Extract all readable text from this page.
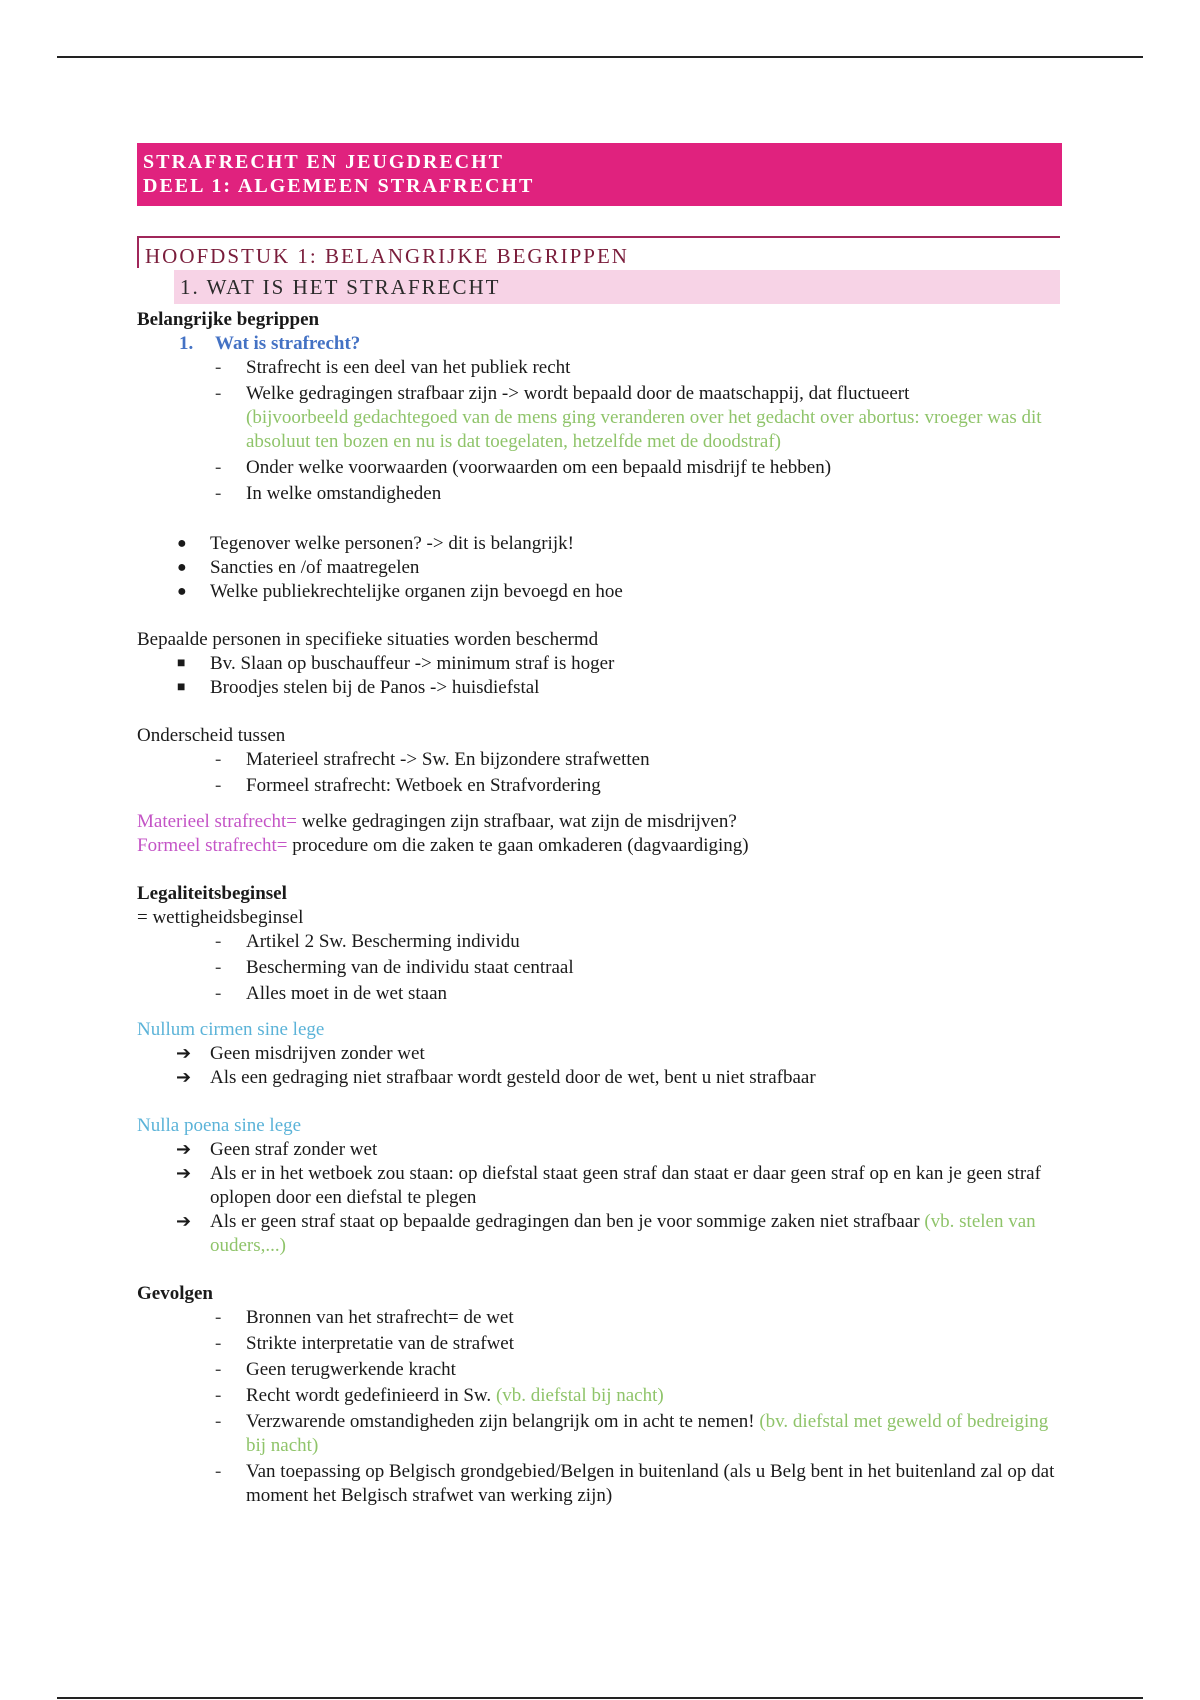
STRAFRECHT EN JEUGDRECHT
DEEL 1: ALGEMEEN STRAFRECHT
HOOFDSTUK 1: BELANGRIJKE BEGRIPPEN
1. WAT IS HET STRAFRECHT
Belangrijke begrippen
1. Wat is strafrecht?
- Strafrecht is een deel van het publiek recht
- Welke gedragingen strafbaar zijn -> wordt bepaald door de maatschappij, dat fluctueert
(bijvoorbeeld gedachtegoed van de mens ging veranderen over het gedacht over abortus: vroeger was dit absoluut ten bozen en nu is dat toegelaten, hetzelfde met de doodstraf)
- Onder welke voorwaarden (voorwaarden om een bepaald misdrijf te hebben)
- In welke omstandigheden
● Tegenover welke personen? -> dit is belangrijk!
● Sancties en /of maatregelen
● Welke publiekrechtelijke organen zijn bevoegd en hoe
Bepaalde personen in specifieke situaties worden beschermd
■ Bv. Slaan op buschauffeur -> minimum straf is hoger
■ Broodjes stelen bij de Panos -> huisdiefstal
Onderscheid tussen
- Materieel strafrecht -> Sw. En bijzondere strafwetten
- Formeel strafrecht: Wetboek en Strafvordering
Materieel strafrecht= welke gedragingen zijn strafbaar, wat zijn de misdrijven?
Formeel strafrecht= procedure om die zaken te gaan omkaderen (dagvaardiging)
Legaliteitsbeginsel
= wettigheidsbeginsel
- Artikel 2 Sw. Bescherming individu
- Bescherming van de individu staat centraal
- Alles moet in de wet staan
Nullum cirmen sine lege
➔ Geen misdrijven zonder wet
➔ Als een gedraging niet strafbaar wordt gesteld door de wet, bent u niet strafbaar
Nulla poena sine lege
➔ Geen straf zonder wet
➔ Als er in het wetboek zou staan: op diefstal staat geen straf dan staat er daar geen straf op en kan je geen straf oplopen door een diefstal te plegen
➔ Als er geen straf staat op bepaalde gedragingen dan ben je voor sommige zaken niet strafbaar (vb. stelen van ouders,...)
Gevolgen
- Bronnen van het strafrecht= de wet
- Strikte interpretatie van de strafwet
- Geen terugwerkende kracht
- Recht wordt gedefinieerd in Sw. (vb. diefstal bij nacht)
- Verzwarende omstandigheden zijn belangrijk om in acht te nemen! (bv. diefstal met geweld of bedreiging bij nacht)
- Van toepassing op Belgisch grondgebied/Belgen in buitenland (als u Belg bent in het buitenland zal op dat moment het Belgisch strafwet van werking zijn)
